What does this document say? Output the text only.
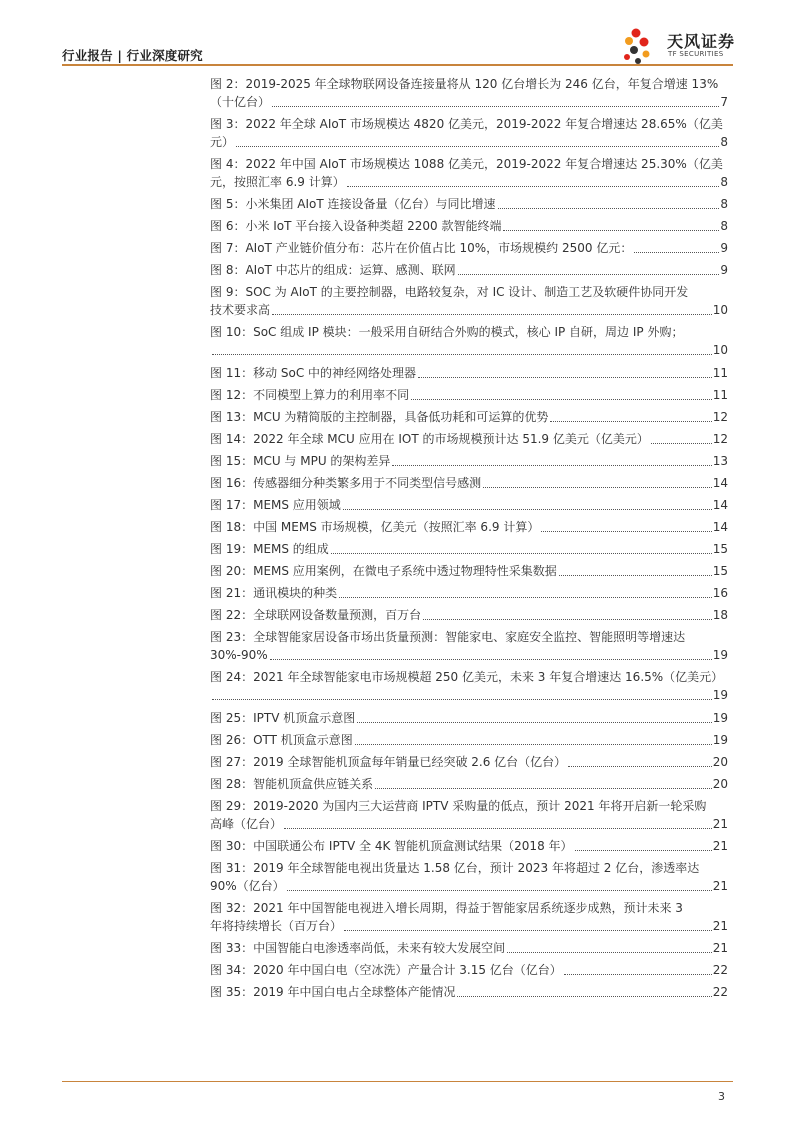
行业报告 | 行业深度研究
天风证券
TF SECURITIES
图 2：2019-2025 年全球物联网设备连接量将从 120 亿台增长为 246 亿台，年复合增速 13%
（十亿台）	7
图 3：2022 年全球 AIoT 市场规模达 4820 亿美元，2019-2022 年复合增速达 28.65%（亿美
元）	8
图 4：2022 年中国 AIoT 市场规模达 1088 亿美元，2019-2022 年复合增速达 25.30%（亿美
元，按照汇率 6.9 计算）	8
图 5：小米集团 AIoT 连接设备量（亿台）与同比增速	8
图 6：小米 IoT 平台接入设备种类超 2200 款智能终端	8
图 7：AIoT 产业链价值分布：芯片在价值占比 10%，市场规模约 2500 亿元：	9
图 8：AIoT 中芯片的组成：运算、感测、联网	9
图 9：SOC 为 AIoT 的主要控制器，电路较复杂，对 IC 设计、制造工艺及软硬件协同开发
技术要求高	10
图 10：SoC 组成 IP 模块：一般采用自研结合外购的模式，核心 IP 自研，周边 IP 外购；
10
图 11：移动 SoC 中的神经网络处理器	11
图 12：不同模型上算力的利用率不同	11
图 13：MCU 为精简版的主控制器，具备低功耗和可运算的优势	12
图 14：2022 年全球 MCU 应用在 IOT 的市场规模预计达 51.9 亿美元（亿美元）	12
图 15：MCU 与 MPU 的架构差异	13
图 16：传感器细分种类繁多用于不同类型信号感测	14
图 17：MEMS 应用领域	14
图 18：中国 MEMS 市场规模，亿美元（按照汇率 6.9 计算）	14
图 19：MEMS 的组成	15
图 20：MEMS 应用案例，在微电子系统中透过物理特性采集数据	15
图 21：通讯模块的种类	16
图 22：全球联网设备数量预测，百万台	18
图 23：全球智能家居设备市场出货量预测：智能家电、家庭安全监控、智能照明等增速达
30%-90%	19
图 24：2021 年全球智能家电市场规模超 250 亿美元，未来 3 年复合增速达 16.5%（亿美元）
19
图 25：IPTV 机顶盒示意图	19
图 26：OTT 机顶盒示意图	19
图 27：2019 全球智能机顶盒每年销量已经突破 2.6 亿台（亿台）	20
图 28：智能机顶盒供应链关系	20
图 29：2019-2020 为国内三大运营商 IPTV 采购量的低点，预计 2021 年将开启新一轮采购
高峰（亿台）	21
图 30：中国联通公布 IPTV 全 4K 智能机顶盒测试结果（2018 年）	21
图 31：2019 年全球智能电视出货量达 1.58 亿台，预计 2023 年将超过 2 亿台，渗透率达
90%（亿台）	21
图 32：2021 年中国智能电视进入增长周期，得益于智能家居系统逐步成熟，预计未来 3
年将持续增长（百万台）	21
图 33：中国智能白电渗透率尚低，未来有较大发展空间	21
图 34：2020 年中国白电（空冰洗）产量合计 3.15 亿台（亿台）	22
图 35：2019 年中国白电占全球整体产能情况	22
3
